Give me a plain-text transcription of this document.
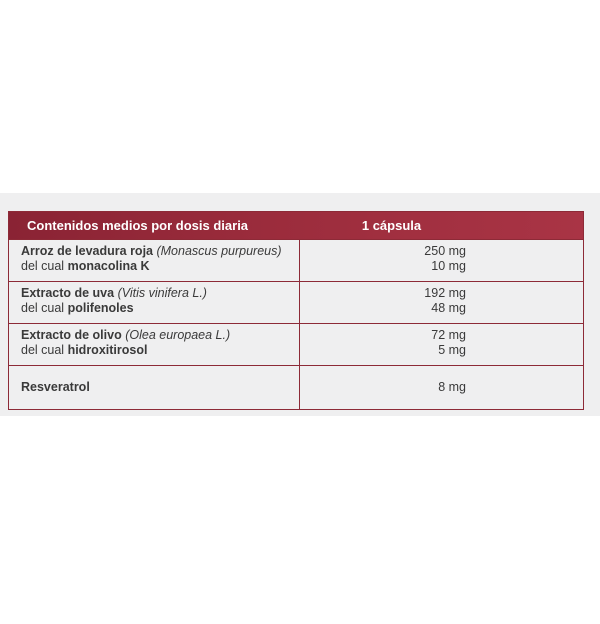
Contenidos medios por dosis diaria	1 cápsula
Arroz de levadura roja (Monascus purpureus)
del cual monacolina K
250 mg
10 mg
Extracto de uva (Vitis vinifera L.)
del cual polifenoles
192 mg
48 mg
Extracto de olivo (Olea europaea L.)
del cual hidroxitirosol
72 mg
5 mg
Resveratrol	8 mg
